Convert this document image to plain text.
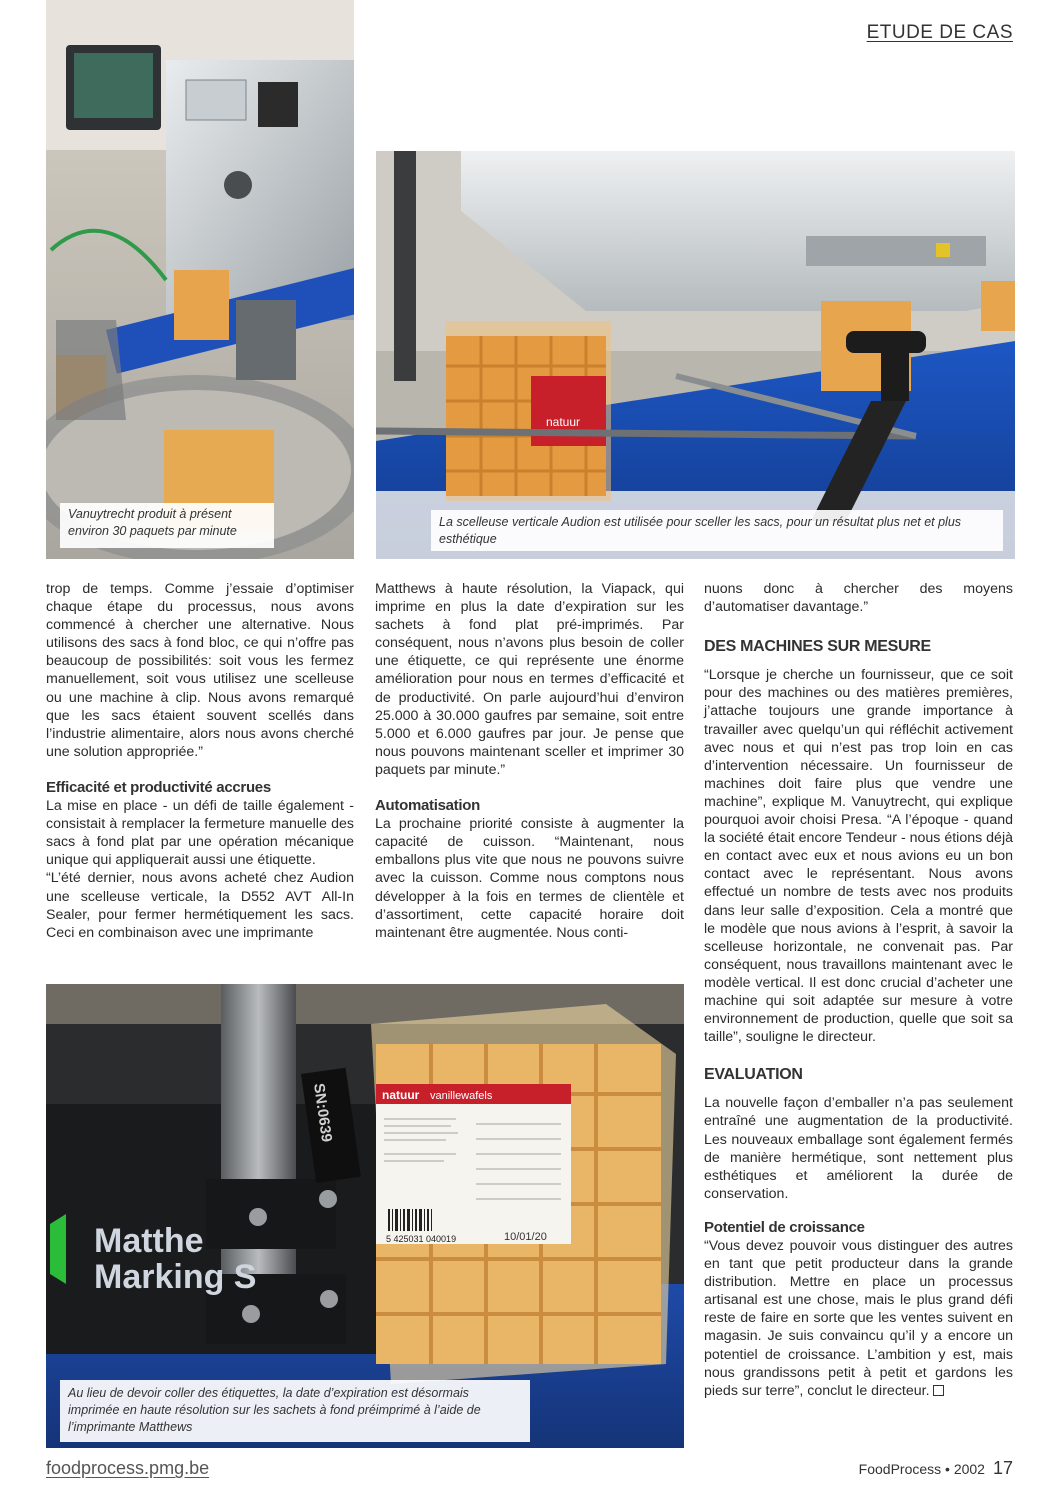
ETUDE DE CAS
Vanuytrecht produit à présent environ 30 paquets par minute
natuur
La scelleuse verticale Audion est utilisée pour sceller les sacs, pour un résultat plus net et plus esthétique

trop de temps. Comme j’essaie d’optimiser chaque étape du processus, nous avons commencé à chercher une alternative. Nous utilisons des sacs à fond bloc, ce qui n’offre pas beaucoup de possibilités: soit vous les fermez manuellement, soit vous utilisez une scelleuse ou une machine à clip. Nous avons remarqué que les sacs étaient souvent scellés dans l’industrie alimentaire, alors nous avons cherché une solution appropriée.”

Efficacité et productivité accrues

La mise en place - un défi de taille également - consistait à remplacer la fermeture manuelle des sacs à fond plat par une opération mécanique unique qui appliquerait aussi une étiquette.

“L’été dernier, nous avons acheté chez Audion une scelleuse verticale, la D552 AVT All-In Sealer, pour fermer hermétiquement les sacs. Ceci en combinaison avec une imprimante

Matthews à haute résolution, la Viapack, qui imprime en plus la date d’expiration sur les sachets à fond plat pré-imprimés. Par conséquent, nous n’avons plus besoin de coller une étiquette, ce qui représente une énorme amélioration pour nous en termes d’efficacité et de productivité. On parle aujourd’hui d’environ 25.000 à 30.000 gaufres par semaine, soit entre 5.000 et 6.000 gaufres par jour. Je pense que nous pouvons maintenant sceller et imprimer 30 paquets par minute.”

Automatisation

La prochaine priorité consiste à augmenter la capacité de cuisson. “Maintenant, nous emballons plus vite que nous ne pouvons suivre avec la cuisson. Comme nous comptons nous développer à la fois en termes de clientèle et d’assortiment, cette capacité horaire doit maintenant être augmentée. Nous conti-

nuons donc à chercher des moyens d’automatiser davantage.”

DES MACHINES SUR MESURE

“Lorsque je cherche un fournisseur, que ce soit pour des machines ou des matières premières, j’attache toujours une grande importance à travailler avec quelqu’un qui réfléchit activement avec nous et qui n’est pas trop loin en cas d’intervention nécessaire. Un fournisseur de machines doit faire plus que vendre une machine”, explique M. Vanuytrecht, qui explique pourquoi avoir choisi Presa. “A l’époque - quand la société était encore Tendeur - nous étions déjà en contact avec eux et nous avions eu un bon contact avec le représentant. Nous avons effectué un nombre de tests avec nos produits dans leur salle d’exposition. Cela a montré que le modèle que nous avions à l’esprit, à savoir la scelleuse horizontale, ne convenait pas. Par conséquent, nous travaillons maintenant avec le modèle vertical. Il est donc crucial d’acheter une machine qui soit adaptée sur mesure à votre environnement de production, quelle que soit sa taille”, souligne le directeur.

EVALUATION

La nouvelle façon d’emballer n’a pas seulement entraîné une augmentation de la productivité. Les nouveaux emballage sont également fermés de manière hermétique, sont nettement plus esthétiques et améliorent la durée de conservation.

Potentiel de croissance

“Vous devez pouvoir vous distinguer des autres en tant que petit producteur dans la grande distribution. Mettre en place un processus artisanal est une chose, mais le plus grand défi reste de faire en sorte que les ventes suivent en magasin. Je suis convaincu qu’il y a encore un potentiel de croissance. L’ambition y est, mais nous grandissons petit à petit et gardons les pieds sur terre”, conclut le directeur.

SN:0639
Matthe
Marking S
natuur vanillewafels
5 425031 040019	10/01/20
Au lieu de devoir coller des étiquettes, la date d’expiration est désormais imprimée en haute résolution sur les sachets à fond préimprimé à l’aide de l’imprimante Matthews
foodprocess.pmg.be	FoodProcess • 2002 17
